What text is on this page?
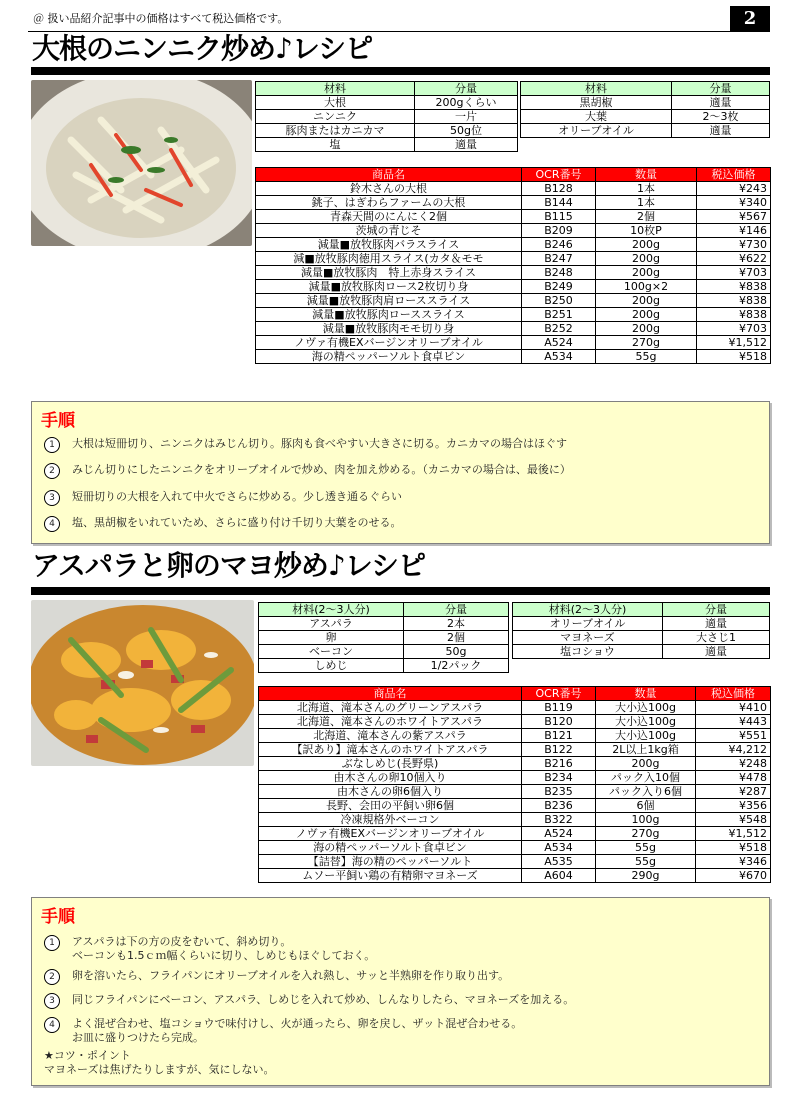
＠ 扱い品紹介記事中の価格はすべて税込価格です。	2
大根のニンニク炒め♪レシピ
材料	分量
大根	200gくらい
ニンニク	一片
豚肉またはカニカマ	50g位
塩	適量
材料	分量
黒胡椒	適量
大葉	2〜3枚
オリーブオイル	適量
商品名	OCR番号	数量	税込価格
鈴木さんの大根	B128	1本	¥243
銚子、はぎわらファームの大根	B144	1本	¥340
青森天間のにんにく2個	B115	2個	¥567
茨城の青じそ	B209	10枚P	¥146
減量■放牧豚肉バラスライス	B246	200g	¥730
減■放牧豚肉徳用スライス(カタ＆モモ	B247	200g	¥622
減量■放牧豚肉　特上赤身スライス	B248	200g	¥703
減量■放牧豚肉ロース2枚切り身	B249	100g×2	¥838
減量■放牧豚肉肩ローススライス	B250	200g	¥838
減量■放牧豚肉ローススライス	B251	200g	¥838
減量■放牧豚肉モモ切り身	B252	200g	¥703
ノヴァ有機EXバージンオリーブオイル	A524	270g	¥1,512
海の精ペッパーソルト食卓ビン	A534	55g	¥518
手順
1 大根は短冊切り、ニンニクはみじん切り。豚肉も食べやすい大きさに切る。カニカマの場合はほぐす
2 みじん切りにしたニンニクをオリーブオイルで炒め、肉を加え炒める。（カニカマの場合は、最後に）
3 短冊切りの大根を入れて中火でさらに炒める。少し透き通るぐらい
4 塩、黒胡椒をいれていため、さらに盛り付け千切り大葉をのせる。
アスパラと卵のマヨ炒め♪レシピ
材料(2〜3人分)	分量
アスパラ	2本
卵	2個
ベーコン	50g
しめじ	1/2パック
材料(2〜3人分)	分量
オリーブオイル	適量
マヨネーズ	大さじ1
塩コショウ	適量
商品名	OCR番号	数量	税込価格
北海道、滝本さんのグリーンアスパラ	B119	大小込100g	¥410
北海道、滝本さんのホワイトアスパラ	B120	大小込100g	¥443
北海道、滝本さんの紫アスパラ	B121	大小込100g	¥551
【訳あり】滝本さんのホワイトアスパラ	B122	2L以上1kg箱	¥4,212
ぶなしめじ(長野県)	B216	200g	¥248
由木さんの卵10個入り	B234	パック入10個	¥478
由木さんの卵6個入り	B235	パック入り6個	¥287
長野、会田の平飼い卵6個	B236	6個	¥356
冷凍規格外ベーコン	B322	100g	¥548
ノヴァ有機EXバージンオリーブオイル	A524	270g	¥1,512
海の精ペッパーソルト食卓ビン	A534	55g	¥518
【詰替】海の精のペッパーソルト	A535	55g	¥346
ムソー平飼い鶏の有精卵マヨネーズ	A604	290g	¥670
手順
1 アスパラは下の方の皮をむいて、斜め切り。
ベーコンも1.5ｃｍ幅くらいに切り、しめじもほぐしておく。
2 卵を溶いたら、フライパンにオリーブオイルを入れ熱し、サッと半熟卵を作り取り出す。
3 同じフライパンにベーコン、アスパラ、しめじを入れて炒め、しんなりしたら、マヨネーズを加える。
4 よく混ぜ合わせ、塩コショウで味付けし、火が通ったら、卵を戻し、ザット混ぜ合わせる。
お皿に盛りつけたら完成。
★コツ・ポイント
マヨネーズは焦げたりしますが、気にしない。
